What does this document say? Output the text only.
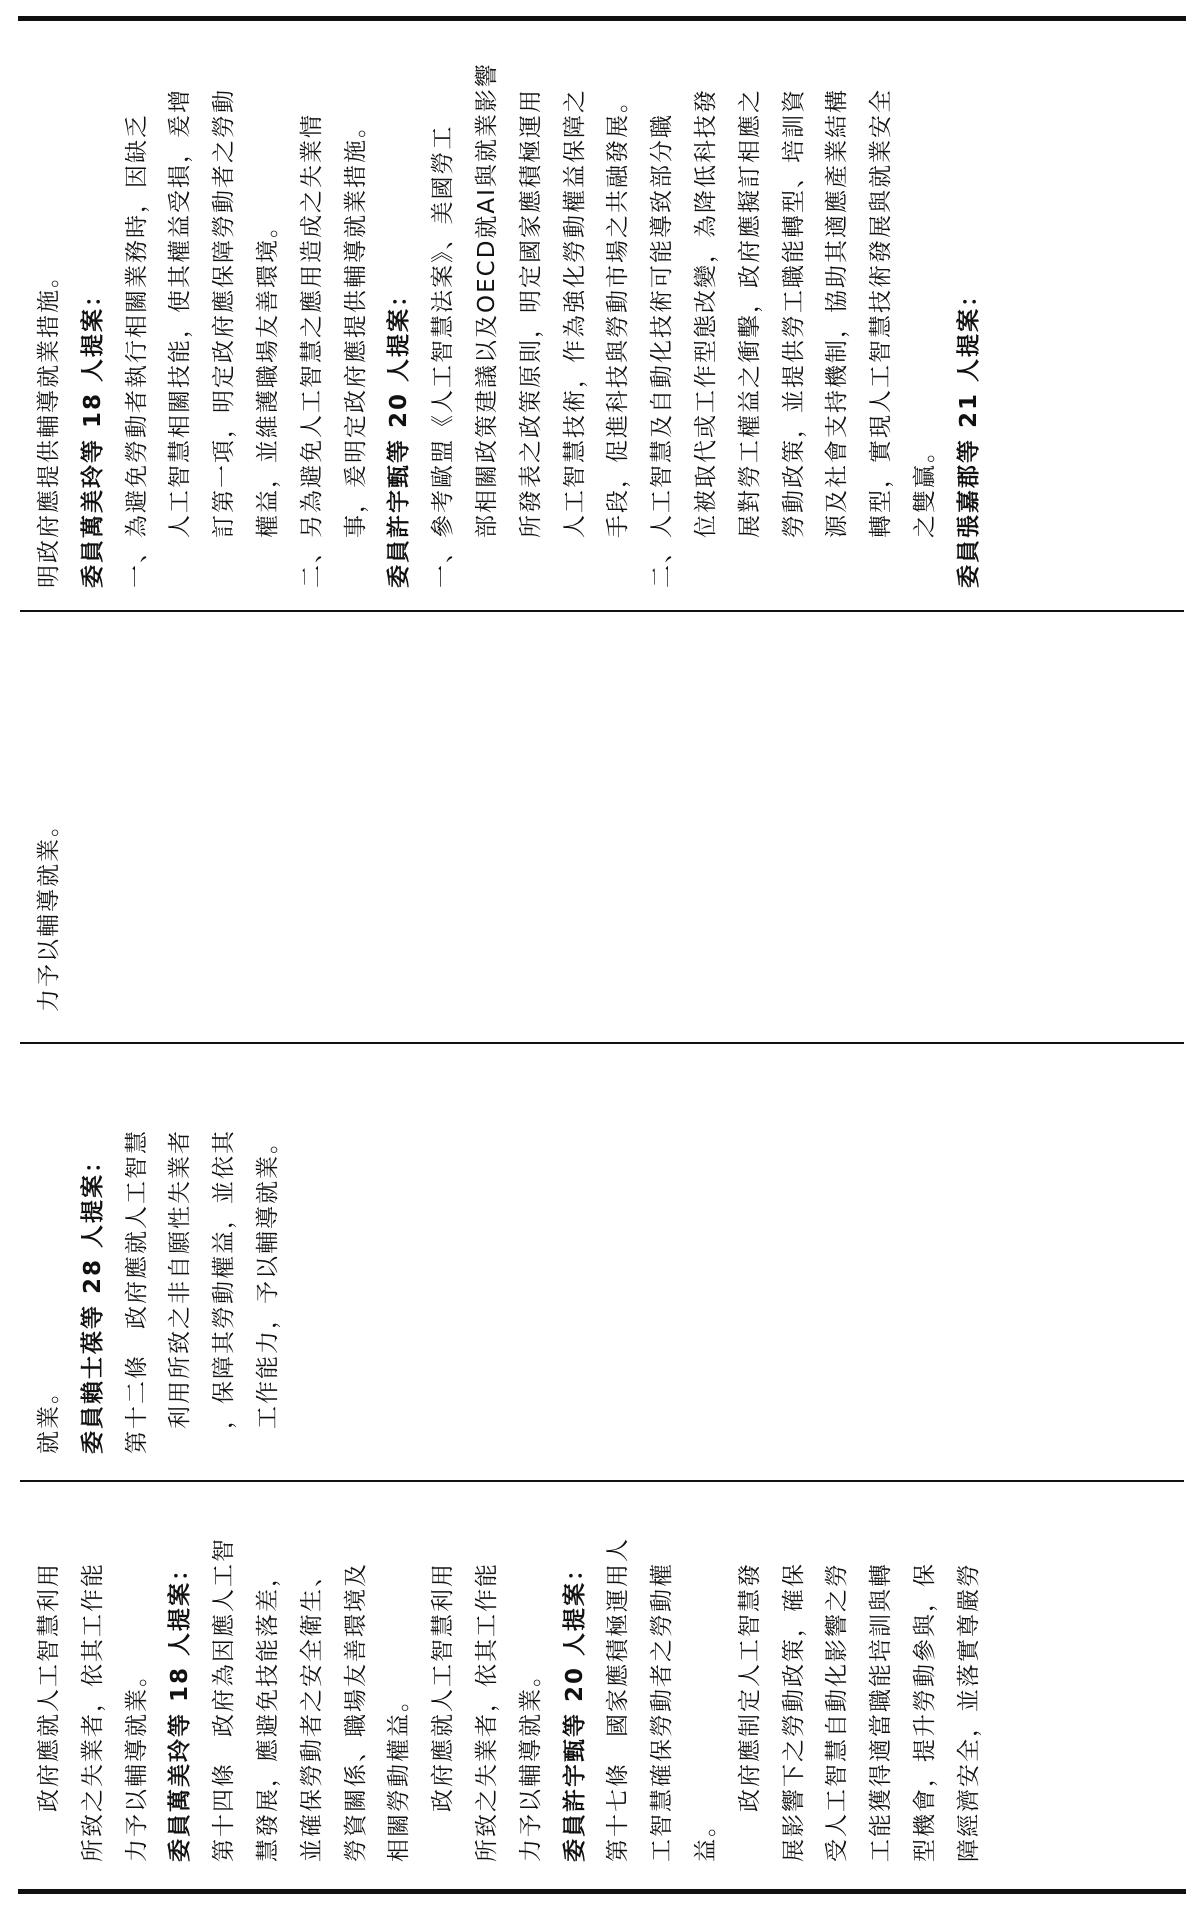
　　政府應就人工智慧利用 所致之失業者，依其工作能 力予以輔導就業。 委員萬美玲等 18 人提案： 第十四條　政府為因應人工智 慧發展，應避免技能落差， 並確保勞動者之安全衛生、 勞資關係、職場友善環境及 相關勞動權益。 　　政府應就人工智慧利用 所致之失業者，依其工作能 力予以輔導就業。 委員許宇甄等 20 人提案： 第十七條　國家應積極運用人 工智慧確保勞動者之勞動權 益。 　　政府應制定人工智慧發 展影響下之勞動政策，確保 受人工智慧自動化影響之勞 工能獲得適當職能培訓與轉 型機會，提升勞動參與，保 障經濟安全，並落實尊嚴勞
就業。 委員賴士葆等 28 人提案： 第十二條　政府應就人工智慧 　利用所致之非自願性失業者 　，保障其勞動權益，並依其 　工作能力，予以輔導就業。
力予以輔導就業。
明政府應提供輔導就業措施。 委員萬美玲等 18 人提案： 一、為避免勞動者執行相關業務時，因缺乏 　　人工智慧相關技能，使其權益受損，爰增 　　訂第一項，明定政府應保障勞動者之勞動 　　權益，並維護職場友善環境。 二、另為避免人工智慧之應用造成之失業情 　　事，爰明定政府應提供輔導就業措施。 委員許宇甄等 20 人提案： 一、參考歐盟《人工智慧法案》、美國勞工 　　部相關政策建議以及OECD就AI與就業影響 　　所發表之政策原則，明定國家應積極運用 　　人工智慧技術，作為強化勞動權益保障之 　　手段，促進科技與勞動市場之共融發展。 二、人工智慧及自動化技術可能導致部分職 　　位被取代或工作型態改變，為降低科技發 　　展對勞工權益之衝擊，政府應擬訂相應之 　　勞動政策，並提供勞工職能轉型、培訓資 　　源及社會支持機制，協助其適應產業結構 　　轉型，實現人工智慧技術發展與就業安全 　　之雙贏。 委員張嘉郡等 21 人提案：
